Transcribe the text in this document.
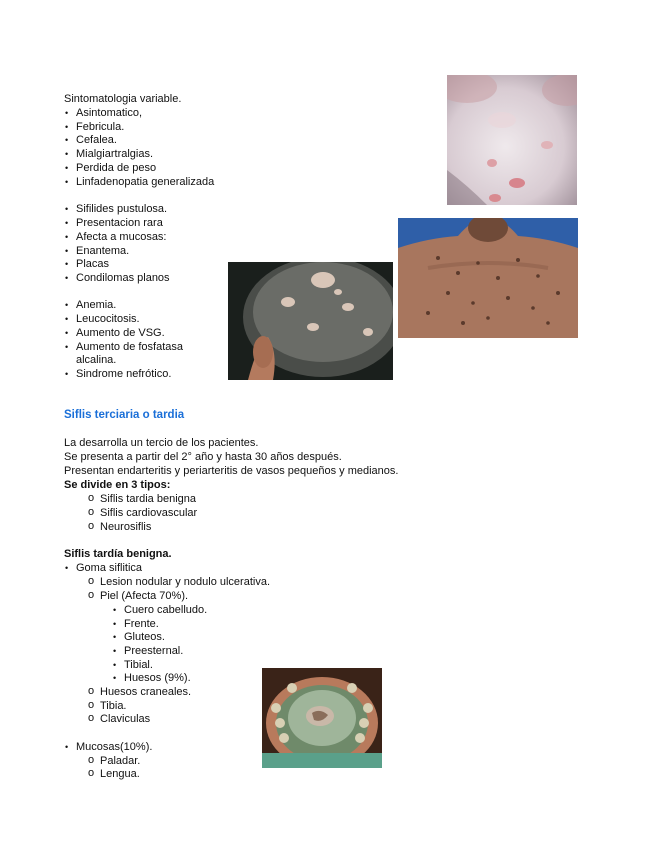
Sintomatologia variable.
• Asintomatico,
• Febricula.
• Cefalea.
• Mialgiartralgias.
• Perdida de peso
• Linfadenopatia generalizada
• Sifilides pustulosa.
• Presentacion rara
• Afecta a mucosas:
• Enantema.
• Placas
• Condilomas planos
• Anemia.
• Leucocitosis.
• Aumento de VSG.
• Aumento de fosfatasa
alcalina.
• Sindrome nefrótico.
Siflis terciaria o tardia
La desarrolla un tercio de los pacientes.
Se presenta a partir del 2° año y hasta 30 años después.
Presentan endarteritis y periarteritis de vasos pequeños y medianos.
Se divide en 3 tipos:
o Siflis tardia benigna
o Siflis cardiovascular
o Neurosiflis
Siflis tardía benigna.
• Goma siflitica
o Lesion nodular y nodulo ulcerativa.
o Piel (Afecta 70%).
• Cuero cabelludo.
• Frente.
• Gluteos.
• Preesternal.
• Tibial.
• Huesos (9%).
o Huesos craneales.
o Tibia.
o Claviculas
• Mucosas(10%).
o Paladar.
o Lengua.
